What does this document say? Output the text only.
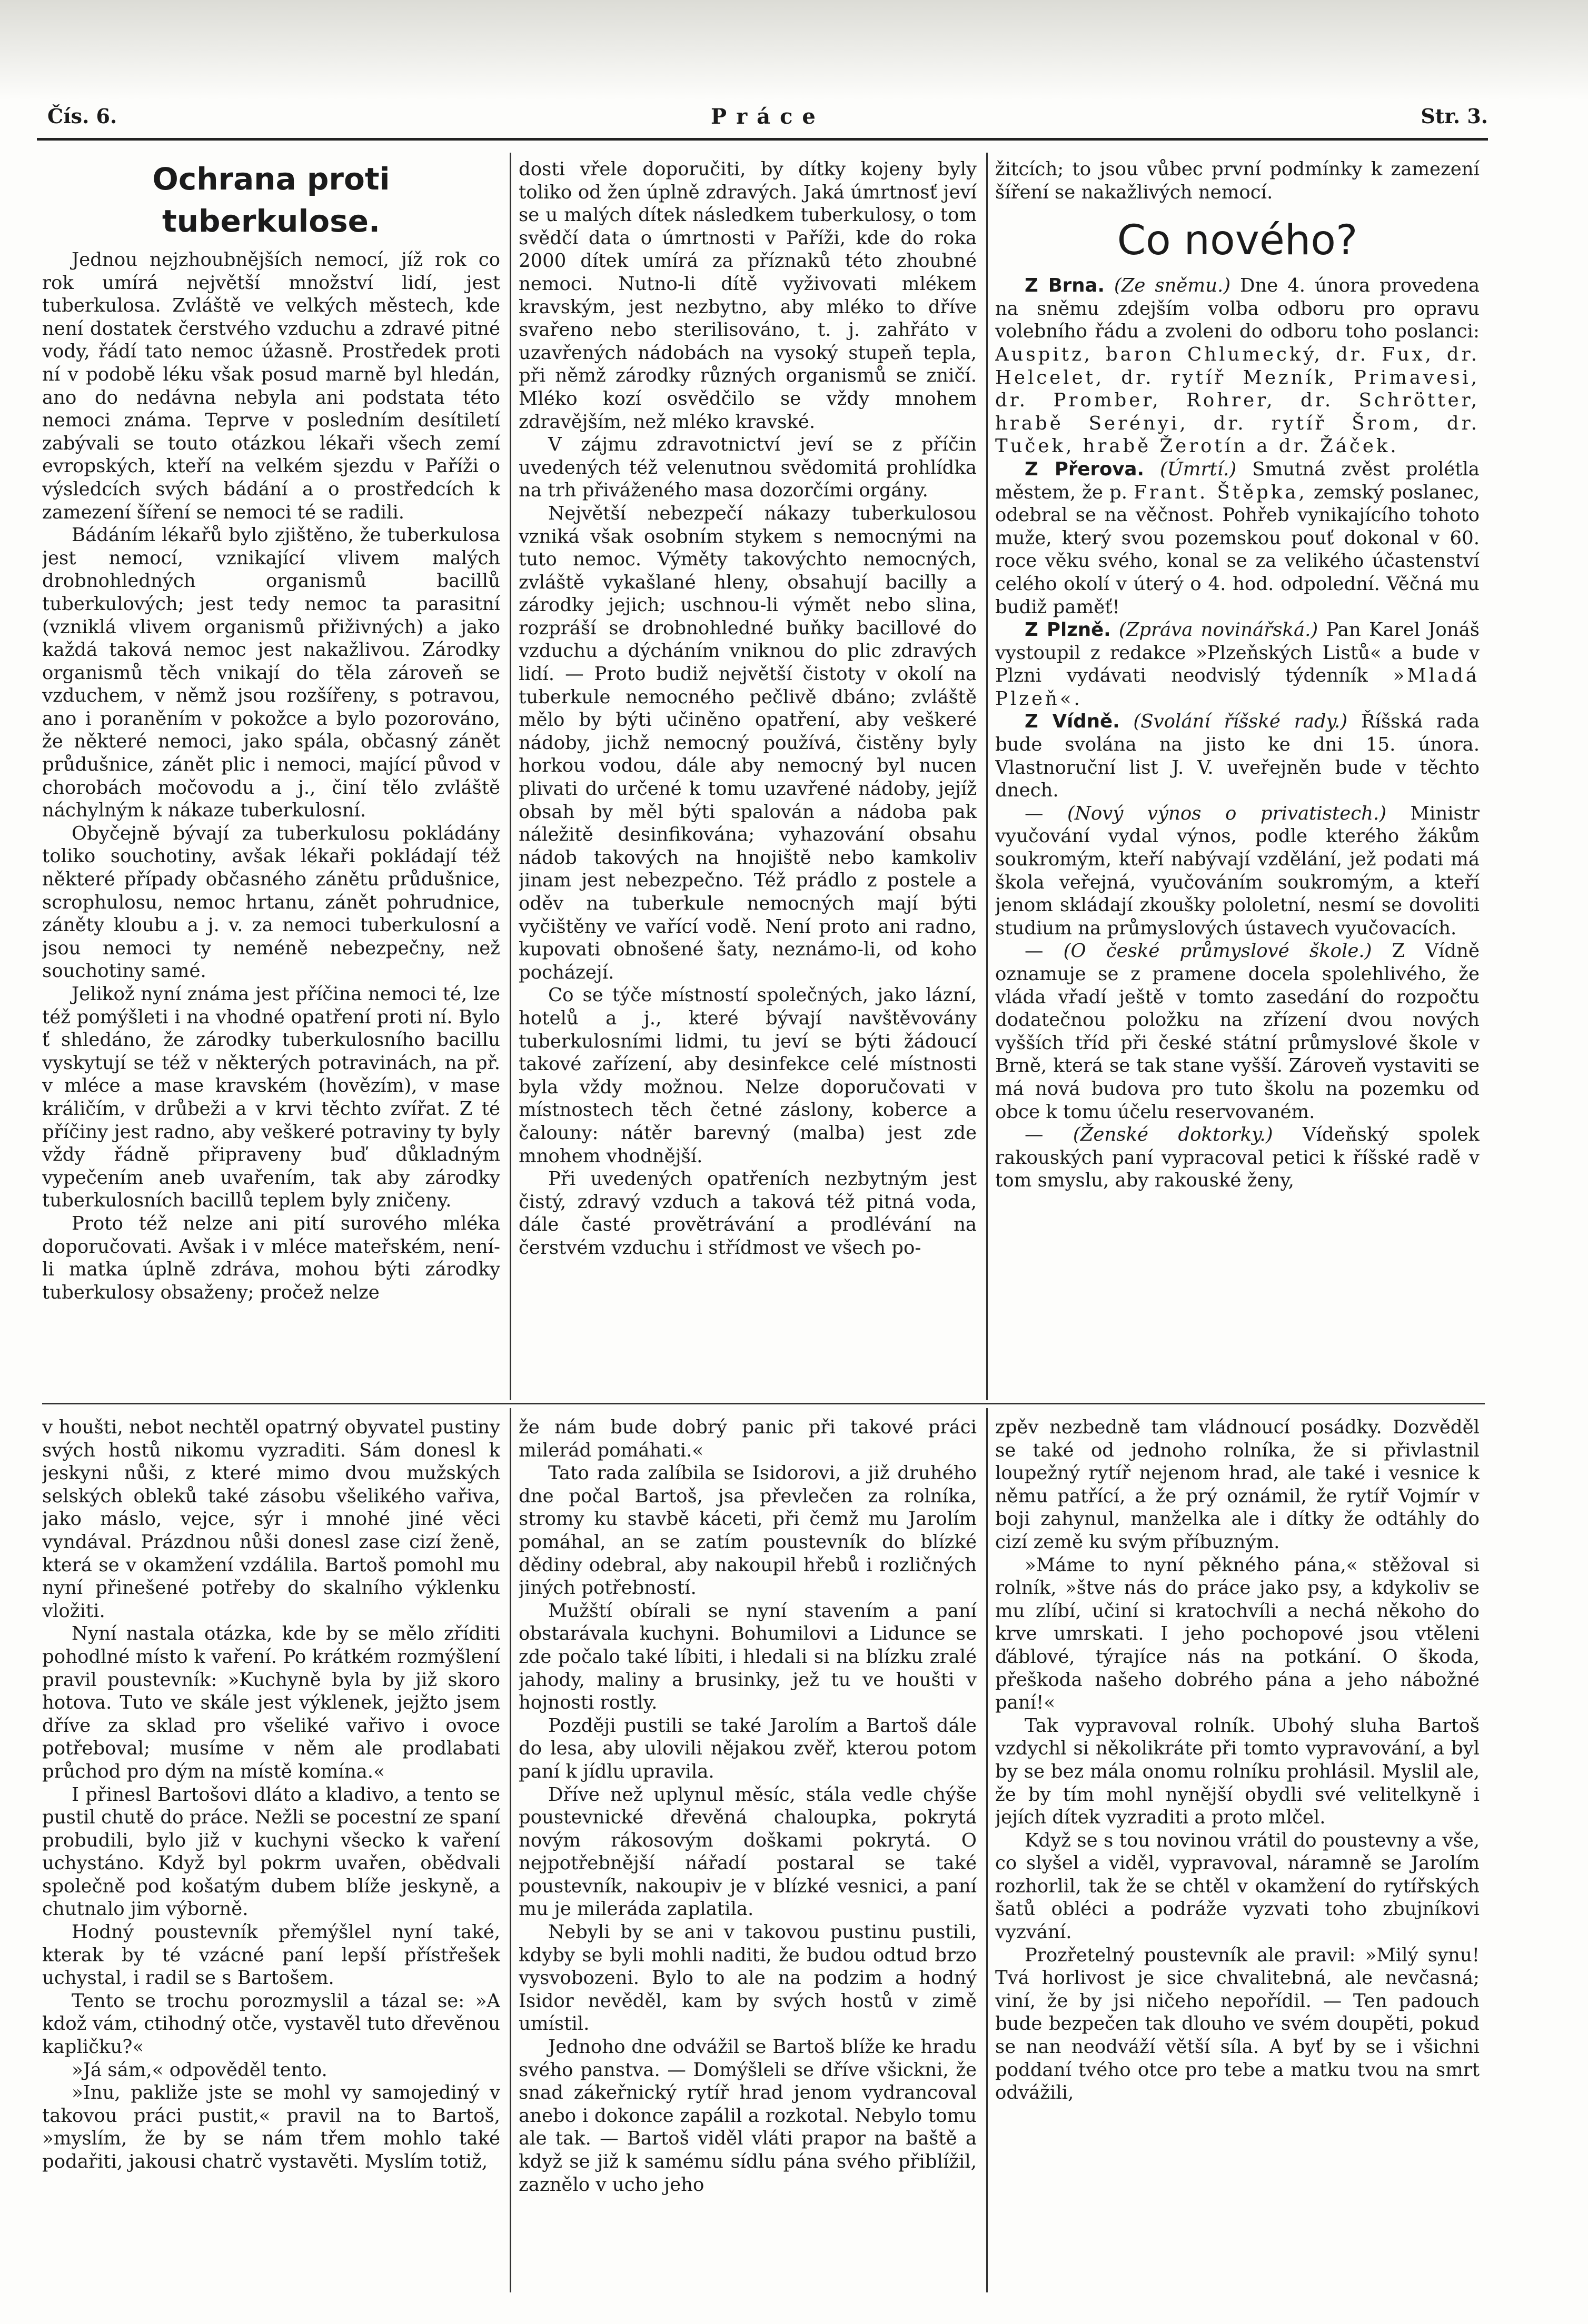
Čís. 6.	Práce	Str. 3.
Ochrana proti tuberkulose.

Jednou nejzhoubnějších nemocí, jíž rok co rok umírá největší množství lidí, jest tuberkulosa. Zvláště ve velkých městech, kde není dostatek čerstvého vzduchu a zdravé pitné vody, řádí tato nemoc úžasně. Prostředek proti ní v podobě léku však posud marně byl hledán, ano do nedávna nebyla ani podstata této nemoci známa. Teprve v posledním desítiletí zabývali se touto otázkou lékaři všech zemí evropských, kteří na velkém sjezdu v Paříži o výsledcích svých bádání a o prostředcích k zamezení šíření se nemoci té se radili.

Bádáním lékařů bylo zjištěno, že tuberkulosa jest nemocí, vznikající vlivem malých drobnohledných organismů bacillů tuberkulových; jest tedy nemoc ta parasitní (vzniklá vlivem organismů přiživných) a jako každá taková nemoc jest nakažlivou. Zárodky organismů těch vnikají do těla zároveň se vzduchem, v němž jsou rozšířeny, s potravou, ano i poraněním v pokožce a bylo pozorováno, že některé nemoci, jako spála, občasný zánět průdušnice, zánět plic i nemoci, mající původ v chorobách močovodu a j., činí tělo zvláště náchylným k nákaze tuberkulosní.

Obyčejně bývají za tuberkulosu pokládány toliko souchotiny, avšak lékaři pokládají též některé případy občasného zánětu průdušnice, scrophulosu, nemoc hrtanu, zánět pohrudnice, záněty kloubu a j. v. za nemoci tuberkulosní a jsou nemoci ty neméně nebezpečny, než souchotiny samé.

Jelikož nyní známa jest příčina nemoci té, lze též pomýšleti i na vhodné opatření proti ní. Bylo ť shledáno, že zárodky tuberkulosního bacillu vyskytují se též v některých potravinách, na př. v mléce a mase kravském (hovězím), v mase králičím, v drůbeži a v krvi těchto zvířat. Z té příčiny jest radno, aby veškeré potraviny ty byly vždy řádně připraveny buď důkladným vypečením aneb uvařením, tak aby zárodky tuberkulosních bacillů teplem byly zničeny.

Proto též nelze ani pití surového mléka doporučovati. Avšak i v mléce mateřském, není-li matka úplně zdráva, mohou býti zárodky tuberkulosy obsaženy; pročež nelze

dosti vřele doporučiti, by dítky kojeny byly toliko od žen úplně zdravých. Jaká úmrtnosť jeví se u malých dítek následkem tuberkulosy, o tom svědčí data o úmrtnosti v Paříži, kde do roka 2000 dítek umírá za příznaků této zhoubné nemoci. Nutno-li dítě vyživovati mlékem kravským, jest nezbytno, aby mléko to dříve svařeno nebo sterilisováno, t. j. zahřáto v uzavřených nádobách na vysoký stupeň tepla, při němž zárodky různých organismů se zničí. Mléko kozí osvědčilo se vždy mnohem zdravějším, než mléko kravské.

V zájmu zdravotnictví jeví se z příčin uvedených též velenutnou svědomitá prohlídka na trh přiváženého masa dozorčími orgány.

Největší nebezpečí nákazy tuberkulosou vzniká však osobním stykem s nemocnými na tuto nemoc. Výměty takovýchto nemocných, zvláště vykašlané hleny, obsahují bacilly a zárodky jejich; uschnou-li výmět nebo slina, rozpráší se drobnohledné buňky bacillové do vzduchu a dýcháním vniknou do plic zdravých lidí. — Proto budiž největší čistoty v okolí na tuberkule nemocného pečlivě dbáno; zvláště mělo by býti učiněno opatření, aby veškeré nádoby, jichž nemocný používá, čistěny byly horkou vodou, dále aby nemocný byl nucen plivati do určené k tomu uzavřené nádoby, jejíž obsah by měl býti spalován a nádoba pak náležitě desinfikována; vyhazování obsahu nádob takových na hnojiště nebo kamkoliv jinam jest nebezpečno. Též prádlo z postele a oděv na tuberkule nemocných mají býti vyčištěny ve vařící vodě. Není proto ani radno, kupovati obnošené šaty, neznámo-li, od koho pocházejí.

Co se týče místností společných, jako lázní, hotelů a j., které bývají navštěvovány tuberkulosními lidmi, tu jeví se býti žádoucí takové zařízení, aby desinfekce celé místnosti byla vždy možnou. Nelze doporučovati v místnostech těch četné záslony, koberce a čalouny: nátěr barevný (malba) jest zde mnohem vhodnější.

Při uvedených opatřeních nezbytným jest čistý, zdravý vzduch a taková též pitná voda, dále časté provětrávání a prodlévání na čerstvém vzduchu i střídmost ve všech po-

žitcích; to jsou vůbec první podmínky k zamezení šíření se nakažlivých nemocí.

Co nového?

Z Brna. (Ze sněmu.) Dne 4. února provedena na sněmu zdejším volba odboru pro opravu volebního řádu a zvoleni do odboru toho poslanci: Auspitz, baron Chlumecký, dr. Fux, dr. Helcelet, dr. rytíř Mezník, Primavesi, dr. Promber, Rohrer, dr. Schrötter, hrabě Serényi, dr. rytíř Šrom, dr. Tuček, hrabě Žerotín a dr. Žáček.

Z Přerova. (Úmrtí.) Smutná zvěst prolétla městem, že p. Frant. Štěpka, zemský poslanec, odebral se na věčnost. Pohřeb vynikajícího tohoto muže, který svou pozemskou pouť dokonal v 60. roce věku svého, konal se za velikého účastenství celého okolí v úterý o 4. hod. odpolední. Věčná mu budiž paměť!

Z Plzně. (Zpráva novinářská.) Pan Karel Jonáš vystoupil z redakce »Plzeňských Listů« a bude v Plzni vydávati neodvislý týdenník »Mladá Plzeň«.

Z Vídně. (Svolání říšské rady.) Říšská rada bude svolána na jisto ke dni 15. února. Vlastnoruční list J. V. uveřejněn bude v těchto dnech.

— (Nový výnos o privatistech.) Ministr vyučování vydal výnos, podle kterého žákům soukromým, kteří nabývají vzdělání, jež podati má škola veřejná, vyučováním soukromým, a kteří jenom skládají zkoušky pololetní, nesmí se dovoliti studium na průmyslových ústavech vyučovacích.

— (O české průmyslové škole.) Z Vídně oznamuje se z pramene docela spolehlivého, že vláda vřadí ještě v tomto zasedání do rozpočtu dodatečnou položku na zřízení dvou nových vyšších tříd při české státní průmyslové škole v Brně, která se tak stane vyšší. Zároveň vystaviti se má nová budova pro tuto školu na pozemku od obce k tomu účelu reservovaném.

— (Ženské doktorky.) Vídeňský spolek rakouských paní vypracoval petici k říšské radě v tom smyslu, aby rakouské ženy,

v houšti, nebot nechtěl opatrný obyvatel pustiny svých hostů nikomu vyzraditi. Sám donesl k jeskyni nůši, z které mimo dvou mužských selských obleků také zásobu všelikého vařiva, jako máslo, vejce, sýr i mnohé jiné věci vyndával. Prázdnou nůši donesl zase cizí ženě, která se v okamžení vzdálila. Bartoš pomohl mu nyní přinešené potřeby do skalního výklenku vložiti.

Nyní nastala otázka, kde by se mělo zříditi pohodlné místo k vaření. Po krátkém rozmýšlení pravil poustevník: »Kuchyně byla by již skoro hotova. Tuto ve skále jest výklenek, jejžto jsem dříve za sklad pro všeliké vařivo i ovoce potřeboval; musíme v něm ale prodlabati průchod pro dým na místě komína.«

I přinesl Bartošovi dláto a kladivo, a tento se pustil chutě do práce. Nežli se pocestní ze spaní probudili, bylo již v kuchyni všecko k vaření uchystáno. Když byl pokrm uvařen, obědvali společně pod košatým dubem blíže jeskyně, a chutnalo jim výborně.

Hodný poustevník přemýšlel nyní také, kterak by té vzácné paní lepší přístřešek uchystal, i radil se s Bartošem.

Tento se trochu porozmyslil a tázal se: »A kdož vám, ctihodný otče, vystavěl tuto dřevěnou kapličku?«

»Já sám,« odpověděl tento.

»Inu, pakliže jste se mohl vy samojediný v takovou práci pustit,« pravil na to Bartoš, »myslím, že by se nám třem mohlo také podařiti, jakousi chatrč vystavěti. Myslím totiž,

že nám bude dobrý panic při takové práci milerád pomáhati.«

Tato rada zalíbila se Isidorovi, a již druhého dne počal Bartoš, jsa převlečen za rolníka, stromy ku stavbě káceti, při čemž mu Jarolím pomáhal, an se zatím poustevník do blízké dědiny odebral, aby nakoupil hřebů i rozličných jiných potřebností.

Mužští obírali se nyní stavením a paní obstarávala kuchyni. Bohumilovi a Lidunce se zde počalo také líbiti, i hledali si na blízku zralé jahody, maliny a brusinky, jež tu ve houšti v hojnosti rostly.

Později pustili se také Jarolím a Bartoš dále do lesa, aby ulovili nějakou zvěř, kterou potom paní k jídlu upravila.

Dříve než uplynul měsíc, stála vedle chýše poustevnické dřevěná chaloupka, pokrytá novým rákosovým doškami pokrytá. O nejpotřebnější nářadí postaral se také poustevník, nakoupiv je v blízké vesnici, a paní mu je mileráda zaplatila.

Nebyli by se ani v takovou pustinu pustili, kdyby se byli mohli naditi, že budou odtud brzo vysvobozeni. Bylo to ale na podzim a hodný Isidor nevěděl, kam by svých hostů v zimě umístil.

Jednoho dne odvážil se Bartoš blíže ke hradu svého panstva. — Domýšleli se dříve všickni, že snad zákeřnický rytíř hrad jenom vydrancoval anebo i dokonce zapálil a rozkotal. Nebylo tomu ale tak. — Bartoš viděl vláti prapor na baště a když se již k samému sídlu pána svého přiblížil, zaznělo v ucho jeho

zpěv nezbedně tam vládnoucí posádky. Dozvěděl se také od jednoho rolníka, že si přivlastnil loupežný rytíř nejenom hrad, ale také i vesnice k němu patřící, a že prý oznámil, že rytíř Vojmír v boji zahynul, manželka ale i dítky že odtáhly do cizí země ku svým příbuzným.

»Máme to nyní pěkného pána,« stěžoval si rolník, »štve nás do práce jako psy, a kdykoliv se mu zlíbí, učiní si kratochvíli a nechá někoho do krve umrskati. I jeho pochopové jsou vtěleni ďáblové, týrajíce nás na potkání. O škoda, přeškoda našeho dobrého pána a jeho nábožné paní!«

Tak vypravoval rolník. Ubohý sluha Bartoš vzdychl si několikráte při tomto vypravování, a byl by se bez mála onomu rolníku prohlásil. Myslil ale, že by tím mohl nynější obydli své velitelkyně i jejích dítek vyzraditi a proto mlčel.

Když se s tou novinou vrátil do poustevny a vše, co slyšel a viděl, vypravoval, náramně se Jarolím rozhorlil, tak že se chtěl v okamžení do rytířských šatů obléci a podráže vyzvati toho zbujníkovi vyzvání.

Prozřetelný poustevník ale pravil: »Milý synu! Tvá horlivost je sice chvalitebná, ale nevčasná; viní, že by jsi ničeho nepořídil. — Ten padouch bude bezpečen tak dlouho ve svém doupěti, pokud se nan neodváží větší síla. A byť by se i všichni poddaní tvého otce pro tebe a matku tvou na smrt odvážili,
